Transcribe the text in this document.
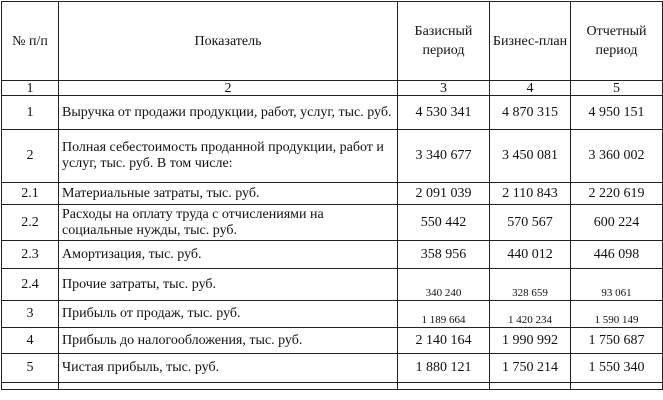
№ п/п	Показатель	Базисный период	Бизнес-план	Отчетный период
1	2	3	4	5
1	Выручка от продажи продукции, работ, услуг, тыс. руб.	4 530 341	4 870 315	4 950 151
2	Полная себестоимость проданной продукции, работ и услуг, тыс. руб. В том числе:	3 340 677	3 450 081	3 360 002
2.1	Материальные затраты, тыс. руб.	2 091 039	2 110 843	2 220 619
2.2	Расходы на оплату труда с отчислениями на социальные нужды, тыс. руб.	550 442	570 567	600 224
2.3	Амортизация, тыс. руб.	358 956	440 012	446 098
2.4	Прочие затраты, тыс. руб.	340 240	328 659	93 061
3	Прибыль от продаж, тыс. руб.	1 189 664	1 420 234	1 590 149
4	Прибыль до налогообложения, тыс. руб.	2 140 164	1 990 992	1 750 687
5	Чистая прибыль, тыс. руб.	1 880 121	1 750 214	1 550 340
